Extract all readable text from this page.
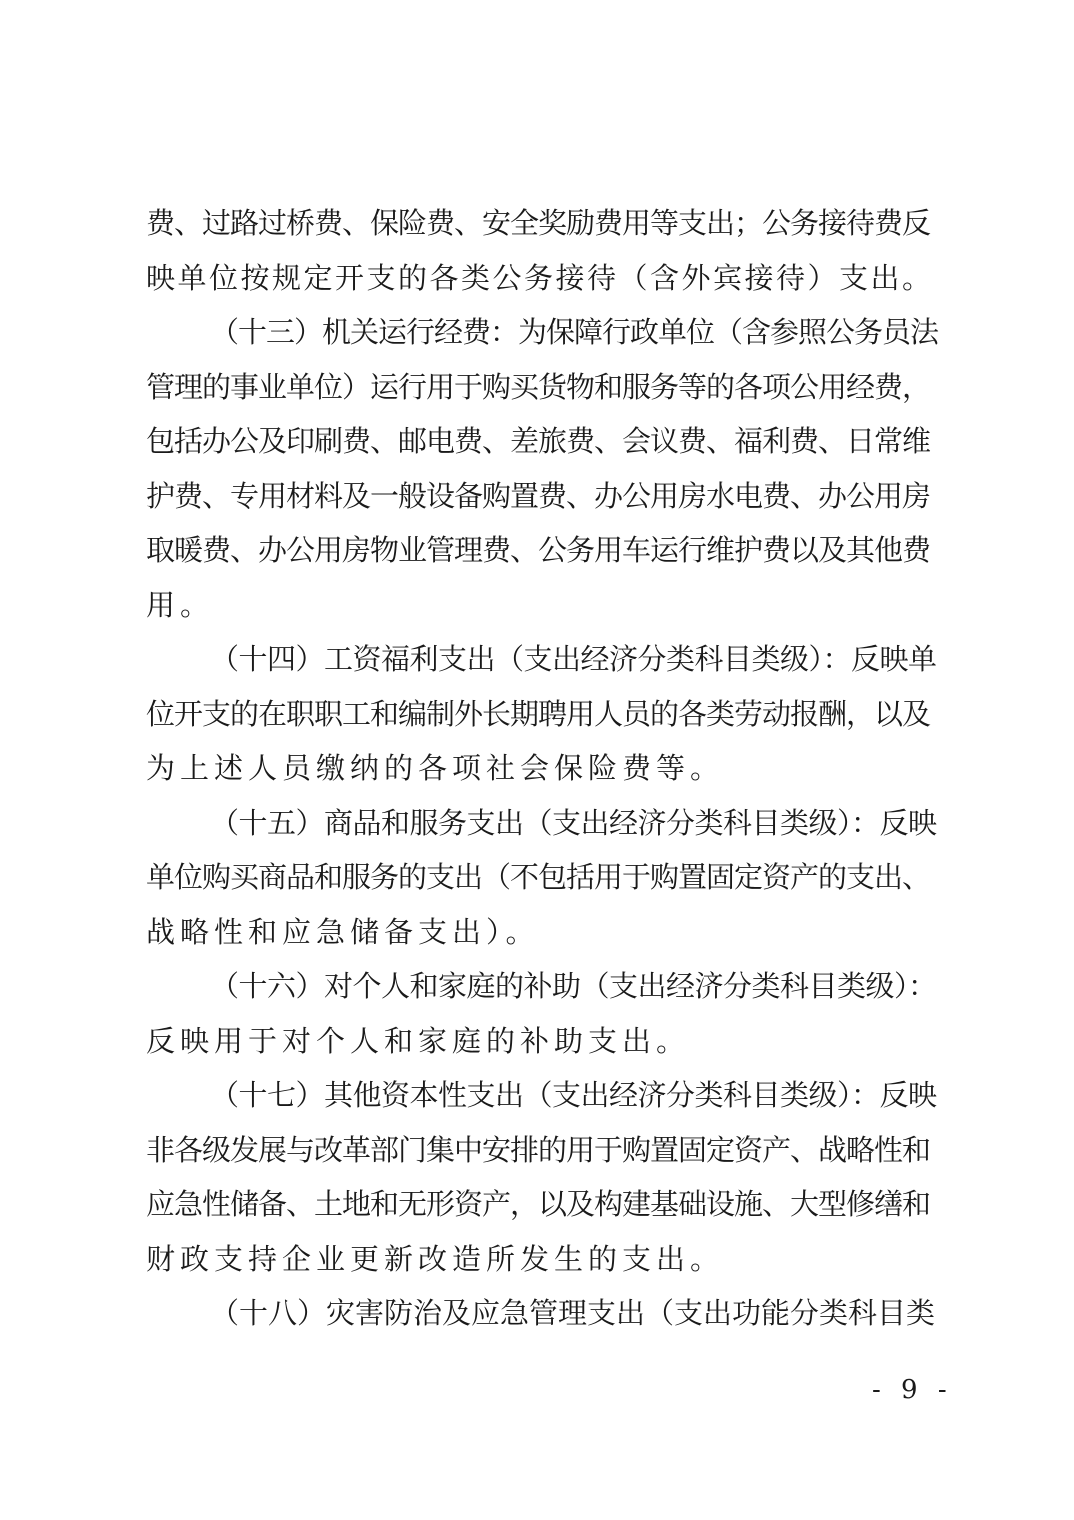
费、过路过桥费、保险费、安全奖励费用等支出；公务接待费反
映单位按规定开支的各类公务接待（含外宾接待）支出。
（十三）机关运行经费：为保障行政单位（含参照公务员法
管理的事业单位）运行用于购买货物和服务等的各项公用经费，
包括办公及印刷费、邮电费、差旅费、会议费、福利费、日常维
护费、专用材料及一般设备购置费、办公用房水电费、办公用房
取暖费、办公用房物业管理费、公务用车运行维护费以及其他费
用。
（十四）工资福利支出（支出经济分类科目类级）：反映单
位开支的在职职工和编制外长期聘用人员的各类劳动报酬，以及
为上述人员缴纳的各项社会保险费等。
（十五）商品和服务支出（支出经济分类科目类级）：反映
单位购买商品和服务的支出（不包括用于购置固定资产的支出、
战略性和应急储备支出）。
（十六）对个人和家庭的补助（支出经济分类科目类级）：
反映用于对个人和家庭的补助支出。
（十七）其他资本性支出（支出经济分类科目类级）：反映
非各级发展与改革部门集中安排的用于购置固定资产、战略性和
应急性储备、土地和无形资产，以及构建基础设施、大型修缮和
财政支持企业更新改造所发生的支出。
（十八）灾害防治及应急管理支出（支出功能分类科目类
- 9 -
